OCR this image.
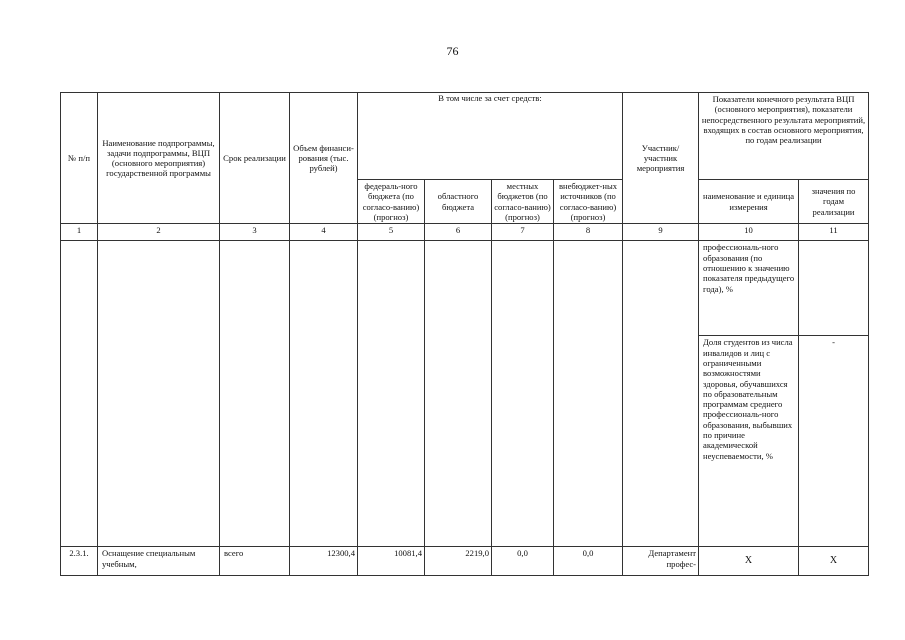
76
№ п/п	Наименование подпрограммы, задачи подпрограммы, ВЦП (основного мероприятия) государственной программы	Срок реализации	Объем финанси-рования (тыс. рублей)	В том числе за счет средств:				Участник/ участник мероприятия	Показатели конечного результата ВЦП (основного мероприятия), показатели непосредственного результата мероприятий, входящих в состав основного мероприятия, по годам реализации	
				федераль-ного бюджета (по согласо-ванию) (прогноз)	областного бюджета	местных бюджетов (по согласо-ванию) (прогноз)	внебюджет-ных источников (по согласо-ванию) (прогноз)		наименование и единица измерения	значения по годам реализации
1	2	3	4	5	6	7	8	9	10	11
									профессиональ-ного образования (по отношению к значению показателя предыдущего года), %	
									Доля студентов из числа инвалидов и лиц с ограниченными возможностями здоровья, обучавшихся по образовательным программам среднего профессиональ-ного образования, выбывших по причине академической неуспеваемости, %	-
2.3.1.	Оснащение специальным учебным,	всего	12300,4	10081,4	2219,0	0,0	0,0	Департамент профес-	Х	Х
